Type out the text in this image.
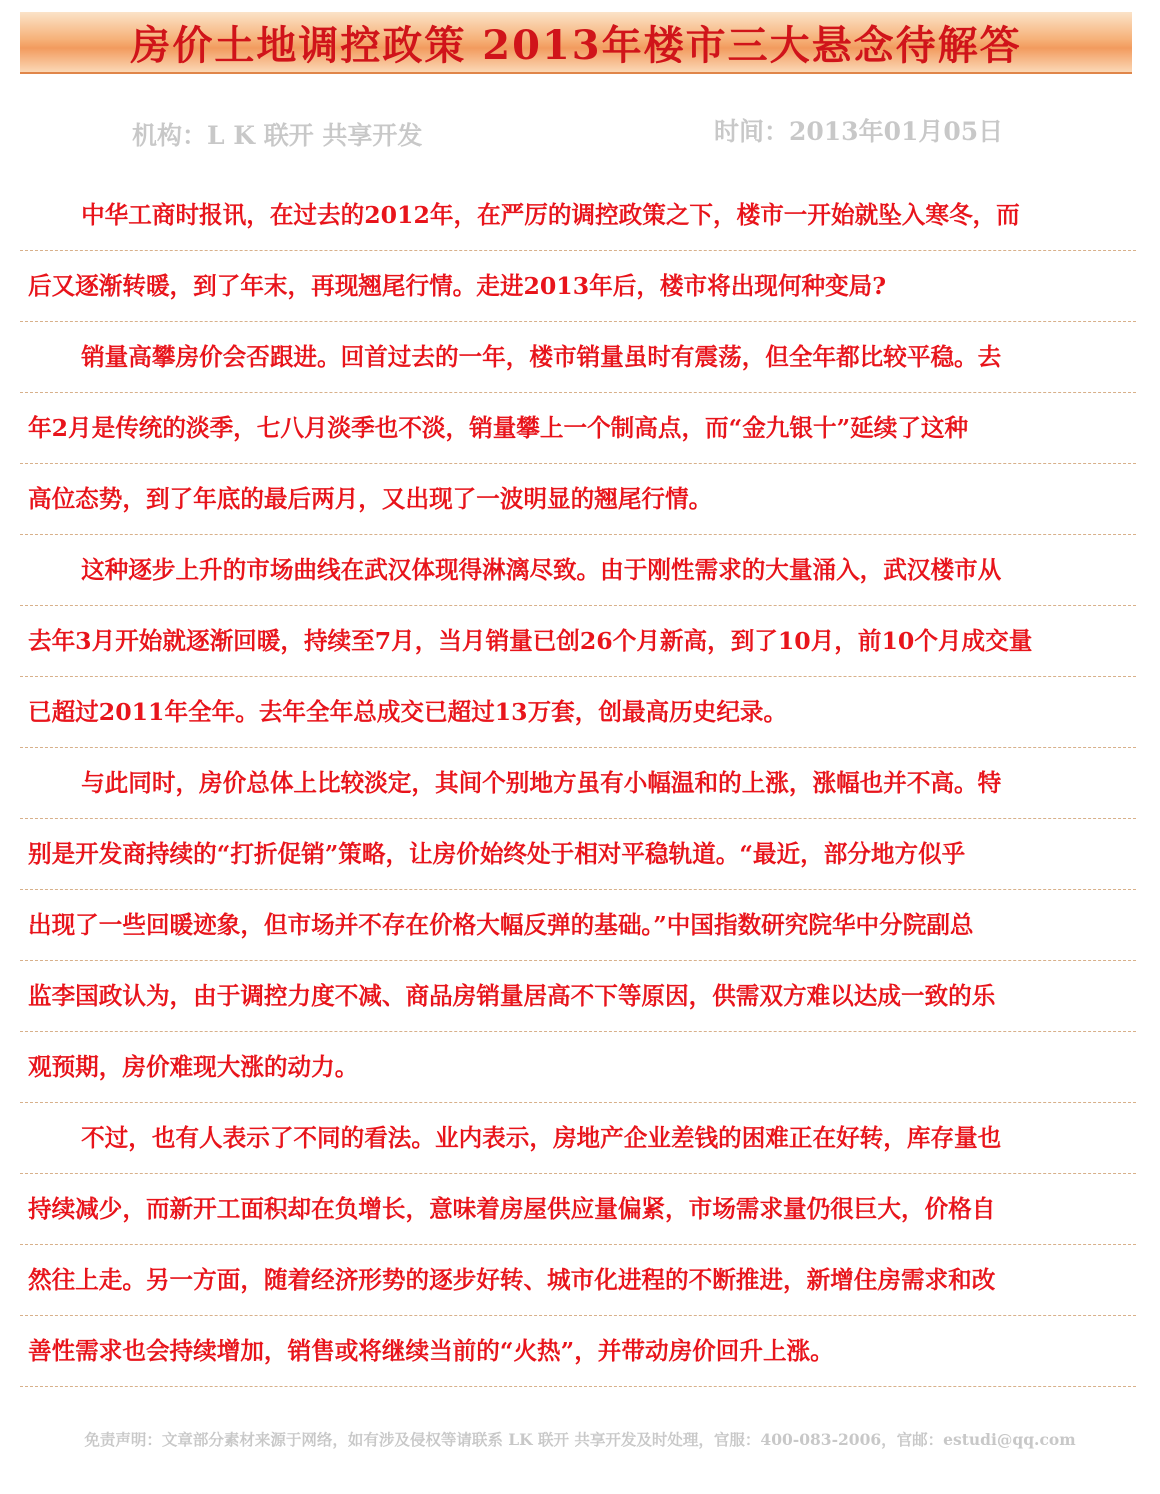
房价土地调控政策 2013年楼市三大悬念待解答
机构：L K 联开 共享开发	时间：2013年01月05日
中华工商时报讯，在过去的2012年，在严厉的调控政策之下，楼市一开始就坠入寒冬，而
后又逐渐转暖，到了年末，再现翘尾行情。走进2013年后，楼市将出现何种变局?
销量高攀房价会否跟进。回首过去的一年，楼市销量虽时有震荡，但全年都比较平稳。去
年2月是传统的淡季，七八月淡季也不淡，销量攀上一个制高点，而“金九银十”延续了这种
高位态势，到了年底的最后两月，又出现了一波明显的翘尾行情。
这种逐步上升的市场曲线在武汉体现得淋漓尽致。由于刚性需求的大量涌入，武汉楼市从
去年3月开始就逐渐回暖，持续至7月，当月销量已创26个月新高，到了10月，前10个月成交量
已超过2011年全年。去年全年总成交已超过13万套，创最高历史纪录。
与此同时，房价总体上比较淡定，其间个别地方虽有小幅温和的上涨，涨幅也并不高。特
别是开发商持续的“打折促销”策略，让房价始终处于相对平稳轨道。“最近，部分地方似乎
出现了一些回暖迹象，但市场并不存在价格大幅反弹的基础。”中国指数研究院华中分院副总
监李国政认为，由于调控力度不减、商品房销量居高不下等原因，供需双方难以达成一致的乐
观预期，房价难现大涨的动力。
不过，也有人表示了不同的看法。业内表示，房地产企业差钱的困难正在好转，库存量也
持续减少，而新开工面积却在负增长，意味着房屋供应量偏紧，市场需求量仍很巨大，价格自
然往上走。另一方面，随着经济形势的逐步好转、城市化进程的不断推进，新增住房需求和改
善性需求也会持续增加，销售或将继续当前的“火热”，并带动房价回升上涨。
免责声明：文章部分素材来源于网络，如有涉及侵权等请联系 LK 联开 共享开发及时处理，官服：400-083-2006，官邮：estudi@qq.com
